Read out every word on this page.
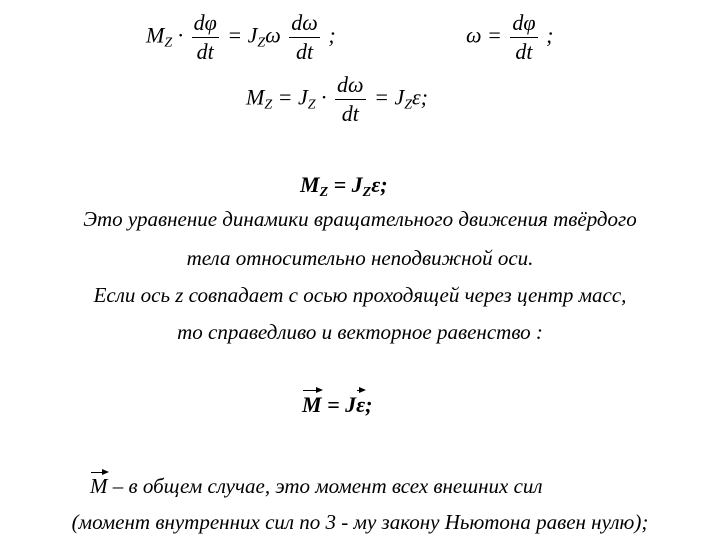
$M_Z \cdot \frac{d\varphi}{dt} = J_Z\omega \frac{d\omega}{dt}$ ;	$\omega = \frac{d\varphi}{dt}$ ;
$M_Z = J_Z \cdot \frac{d\omega}{dt} = J_Z\varepsilon$;
$M_Z = J_Z\varepsilon$;
Это уравнение динамики вращательного движения твёрдого
тела относительно неподвижной оси.
Если ось z совпадает с осью проходящей через центр масс,
то справедливо и векторное равенство :
M = Jε;
M – в общем случае, это момент всех внешних сил
(момент внутренних сил по 3 - му закону Ньютона равен нулю);
